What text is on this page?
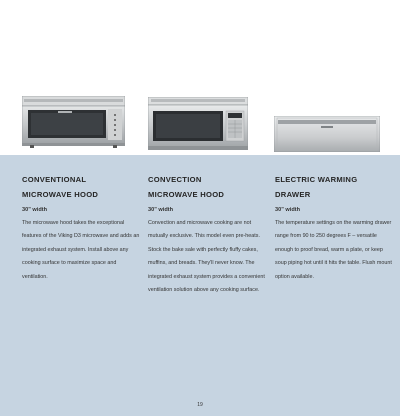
CONVENTIONAL
MICROWAVE HOOD

30" width

The microwave hood takes the exceptional features of the Viking D3 microwave and adds an integrated exhaust system. Install above any cooking surface to maximize space and ventilation.

CONVECTION
MICROWAVE HOOD

30" width

Convection and microwave cooking are not mutually exclusive. This model even pre-heats. Stock the bake sale with perfectly fluffy cakes, muffins, and breads. They'll never know. The integrated exhaust system provides a convenient ventilation solution above any cooking surface.

ELECTRIC WARMING
DRAWER

30" width

The temperature settings on the warming drawer range from 90 to 250 degrees F – versatile enough to proof bread, warm a plate, or keep soup piping hot until it hits the table. Flush mount option available.

19
